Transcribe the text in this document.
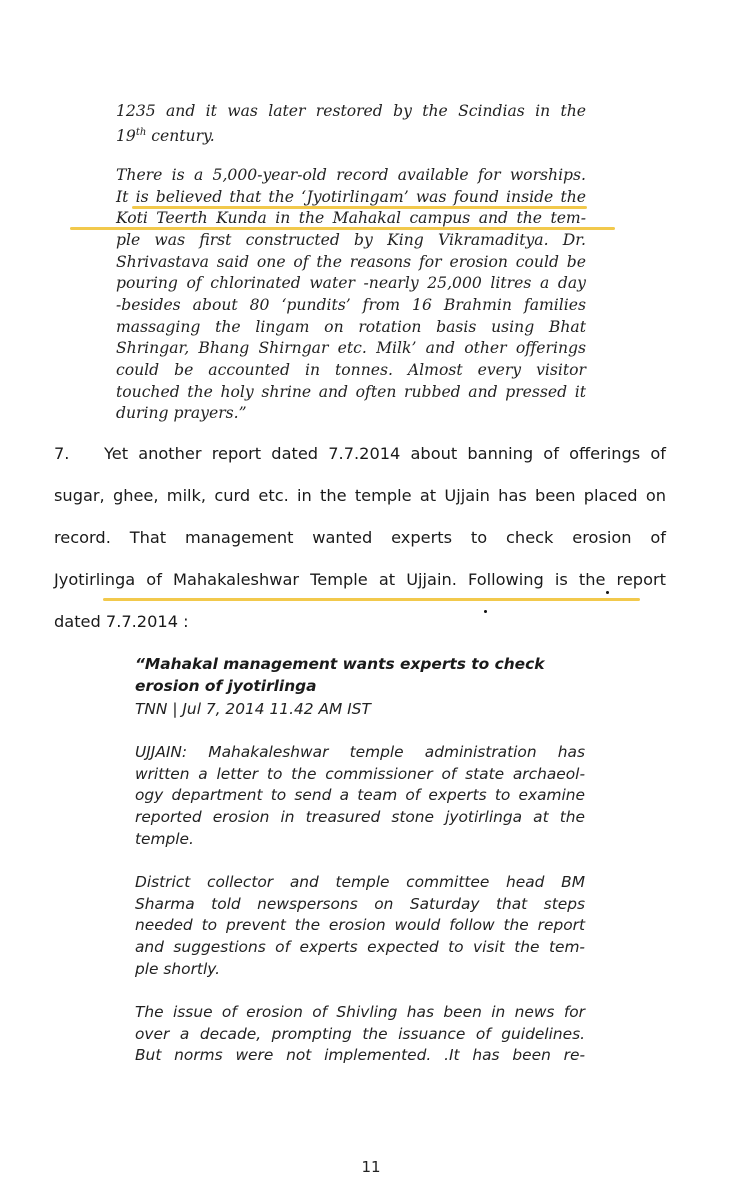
1235 and it was later restored by the Scindias in the
19th century.
There is a 5,000-year-old record available for worships.
It is believed that the ‘Jyotirlingam’ was found inside the
Koti Teerth Kunda in the Mahakal campus and the tem-
ple was first constructed by King Vikramaditya. Dr.
Shrivastava said one of the reasons for erosion could be
pouring of chlorinated water -nearly 25,000 litres a day
-besides about 80 ‘pundits’ from 16 Brahmin families
massaging the lingam on rotation basis using Bhat
Shringar, Bhang Shirngar etc. Milk’ and other offerings
could be accounted in tonnes. Almost every visitor
touched the holy shrine and often rubbed and pressed it
during prayers.”
7. Yet another report dated 7.7.2014 about banning of offerings of
sugar, ghee, milk, curd etc. in the temple at Ujjain has been placed on
record. That management wanted experts to check erosion of
Jyotirlinga of Mahakaleshwar Temple at Ujjain. Following is the report
dated 7.7.2014 :
“Mahakal management wants experts to check
erosion of jyotirlinga
TNN | Jul 7, 2014 11.42 AM IST
UJJAIN: Mahakaleshwar temple administration has
written a letter to the commissioner of state archaeol-
ogy department to send a team of experts to examine
reported erosion in treasured stone jyotirlinga at the
temple.
District collector and temple committee head BM
Sharma told newspersons on Saturday that steps
needed to prevent the erosion would follow the report
and suggestions of experts expected to visit the tem-
ple shortly.
The issue of erosion of Shivling has been in news for
over a decade, prompting the issuance of guidelines.
But norms were not implemented. .It has been re-
11
